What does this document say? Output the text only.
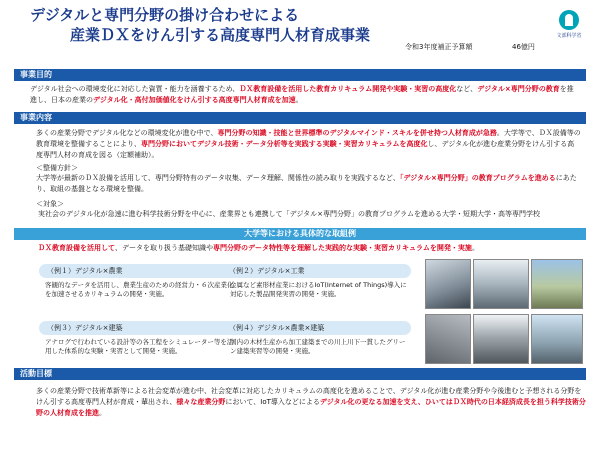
デジタルと専門分野の掛け合わせによる
産業ＤＸをけん引する高度専門人材育成事業
令和3年度補正予算額	46億円
文部科学省
事業目的
デジタル社会への環境変化に対応した資質・能力を涵養するため、ＤＸ教育設備を活用した教育カリキュラム開発や実験・実習の高度化など、デジタル×専門分野の教育を推進し、日本の産業のデジタル化・高付加価値化をけん引する高度専門人材育成を加速。
事業内容
多くの産業分野でデジタル化などの環境変化が進む中で、専門分野の知識・技能と世界標準のデジタルマインド・スキルを併せ持つ人材育成が急務。大学等で、ＤＸ設備等の教育環境を整備することにより、専門分野においてデジタル技術・データ分析等を実践する実験・実習カリキュラムを高度化し、デジタル化が進む産業分野をけん引する高度専門人材の育成を図る（定額補助）。
＜整備方針＞
大学等が最新のＤＸ設備を活用して、専門分野特有のデータ収集、データ理解、関係性の読み取りを実践するなど、「デジタル×専門分野」の教育プログラムを進めるにあたり、取組の基盤となる環境を整備。
＜対象＞
実社会のデジタル化が急速に進む科学技術分野を中心に、産業界とも連携して「デジタル×専門分野」の教育プログラムを進める大学・短期大学・高等専門学校
大学等における具体的な取組例
ＤＸ教育設備を活用して、データを取り扱う基礎知識や専門分野のデータ特性等を理解した実践的な実験・実習カリキュラムを開発・実施。
（例１）デジタル×農業	（例２）デジタル×工業
（例３）デジタル×建築	（例４）デジタル×農業×建築
客観的なデータを活用し、農業生産のための経営力・６次産業化を加速させるカリキュラムの開発・実施。
金属など素形材産業におけるIoT(Internet of Things)導入に対応した製品開発実習の開発・実施。
アナログで行われている設計等の各工程をシミュレーター等を活用した体系的な実験・実習として開発・実施。
国内の木材生産から加工建築までの川上川下一貫したグリーン建築実習等の開発・実施。
活動目標
多くの産業分野で技術革新等による社会変革が進む中、社会変革に対応したカリキュラムの高度化を進めることで、デジタル化が進む産業分野や今後進むと予想される分野をけん引する高度専門人材が育成・輩出され、様々な産業分野において、IoT導入などによるデジタル化の更なる加速を支え、ひいてはＤＸ時代の日本経済成長を担う科学技術分野の人材育成を推進。
